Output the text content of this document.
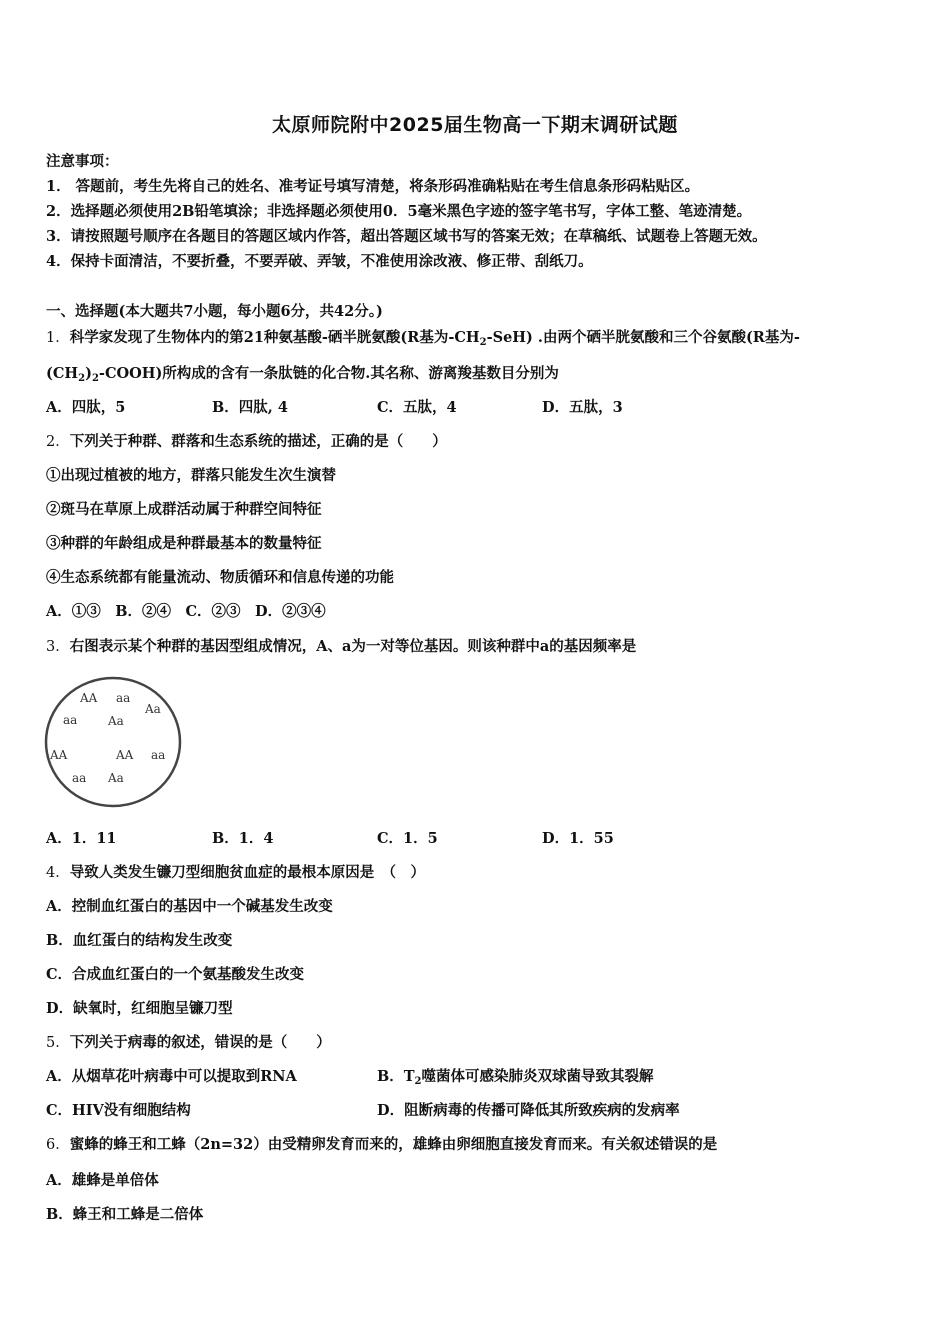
太原师院附中2025届生物高一下期末调研试题
注意事项：
1． 答题前，考生先将自己的姓名、准考证号填写清楚，将条形码准确粘贴在考生信息条形码粘贴区。
2．选择题必须使用2B铅笔填涂；非选择题必须使用0．5毫米黑色字迹的签字笔书写，字体工整、笔迹清楚。
3．请按照题号顺序在各题目的答题区域内作答，超出答题区域书写的答案无效；在草稿纸、试题卷上答题无效。
4．保持卡面清洁，不要折叠，不要弄破、弄皱，不准使用涂改液、修正带、刮纸刀。
一、选择题(本大题共7小题，每小题6分，共42分。)
1．科学家发现了生物体内的第21种氨基酸-硒半胱氨酸(R基为$-CH_2-SeH$) .由两个硒半胱氨酸和三个谷氨酸(R基为-
$(CH_2)_2-COOH$)所构成的含有一条肽链的化合物.其名称、游离羧基数目分别为
A．四肽，5	B．四肽, 4	C．五肽，4	D．五肽，3
2．下列关于种群、群落和生态系统的描述，正确的是（　　）
①出现过植被的地方，群落只能发生次生演替
②斑马在草原上成群活动属于种群空间特征
③种群的年龄组成是种群最基本的数量特征
④生态系统都有能量流动、物质循环和信息传递的功能
A．①③　B．②④　C．②③　D．②③④
3．右图表示某个种群的基因型组成情况，A、a为一对等位基因。则该种群中a的基因频率是
AA aa
Aa
aa	Aa
AA	AA aa
aa Aa
A．1．11	B．1．4	C．1．5	D．1．55
4．导致人类发生镰刀型细胞贫血症的最根本原因是　（　）
A．控制血红蛋白的基因中一个碱基发生改变
B．血红蛋白的结构发生改变
C．合成血红蛋白的一个氨基酸发生改变
D．缺氧时，红细胞呈镰刀型
5．下列关于病毒的叙述，错误的是（　　）
A．从烟草花叶病毒中可以提取到RNA	B．$T_2$噬菌体可感染肺炎双球菌导致其裂解
C．HIV没有细胞结构	D．阻断病毒的传播可降低其所致疾病的发病率
6．蜜蜂的蜂王和工蜂（2n=32）由受精卵发育而来的，雄蜂由卵细胞直接发育而来。有关叙述错误的是
A．雄蜂是单倍体
B．蜂王和工蜂是二倍体
